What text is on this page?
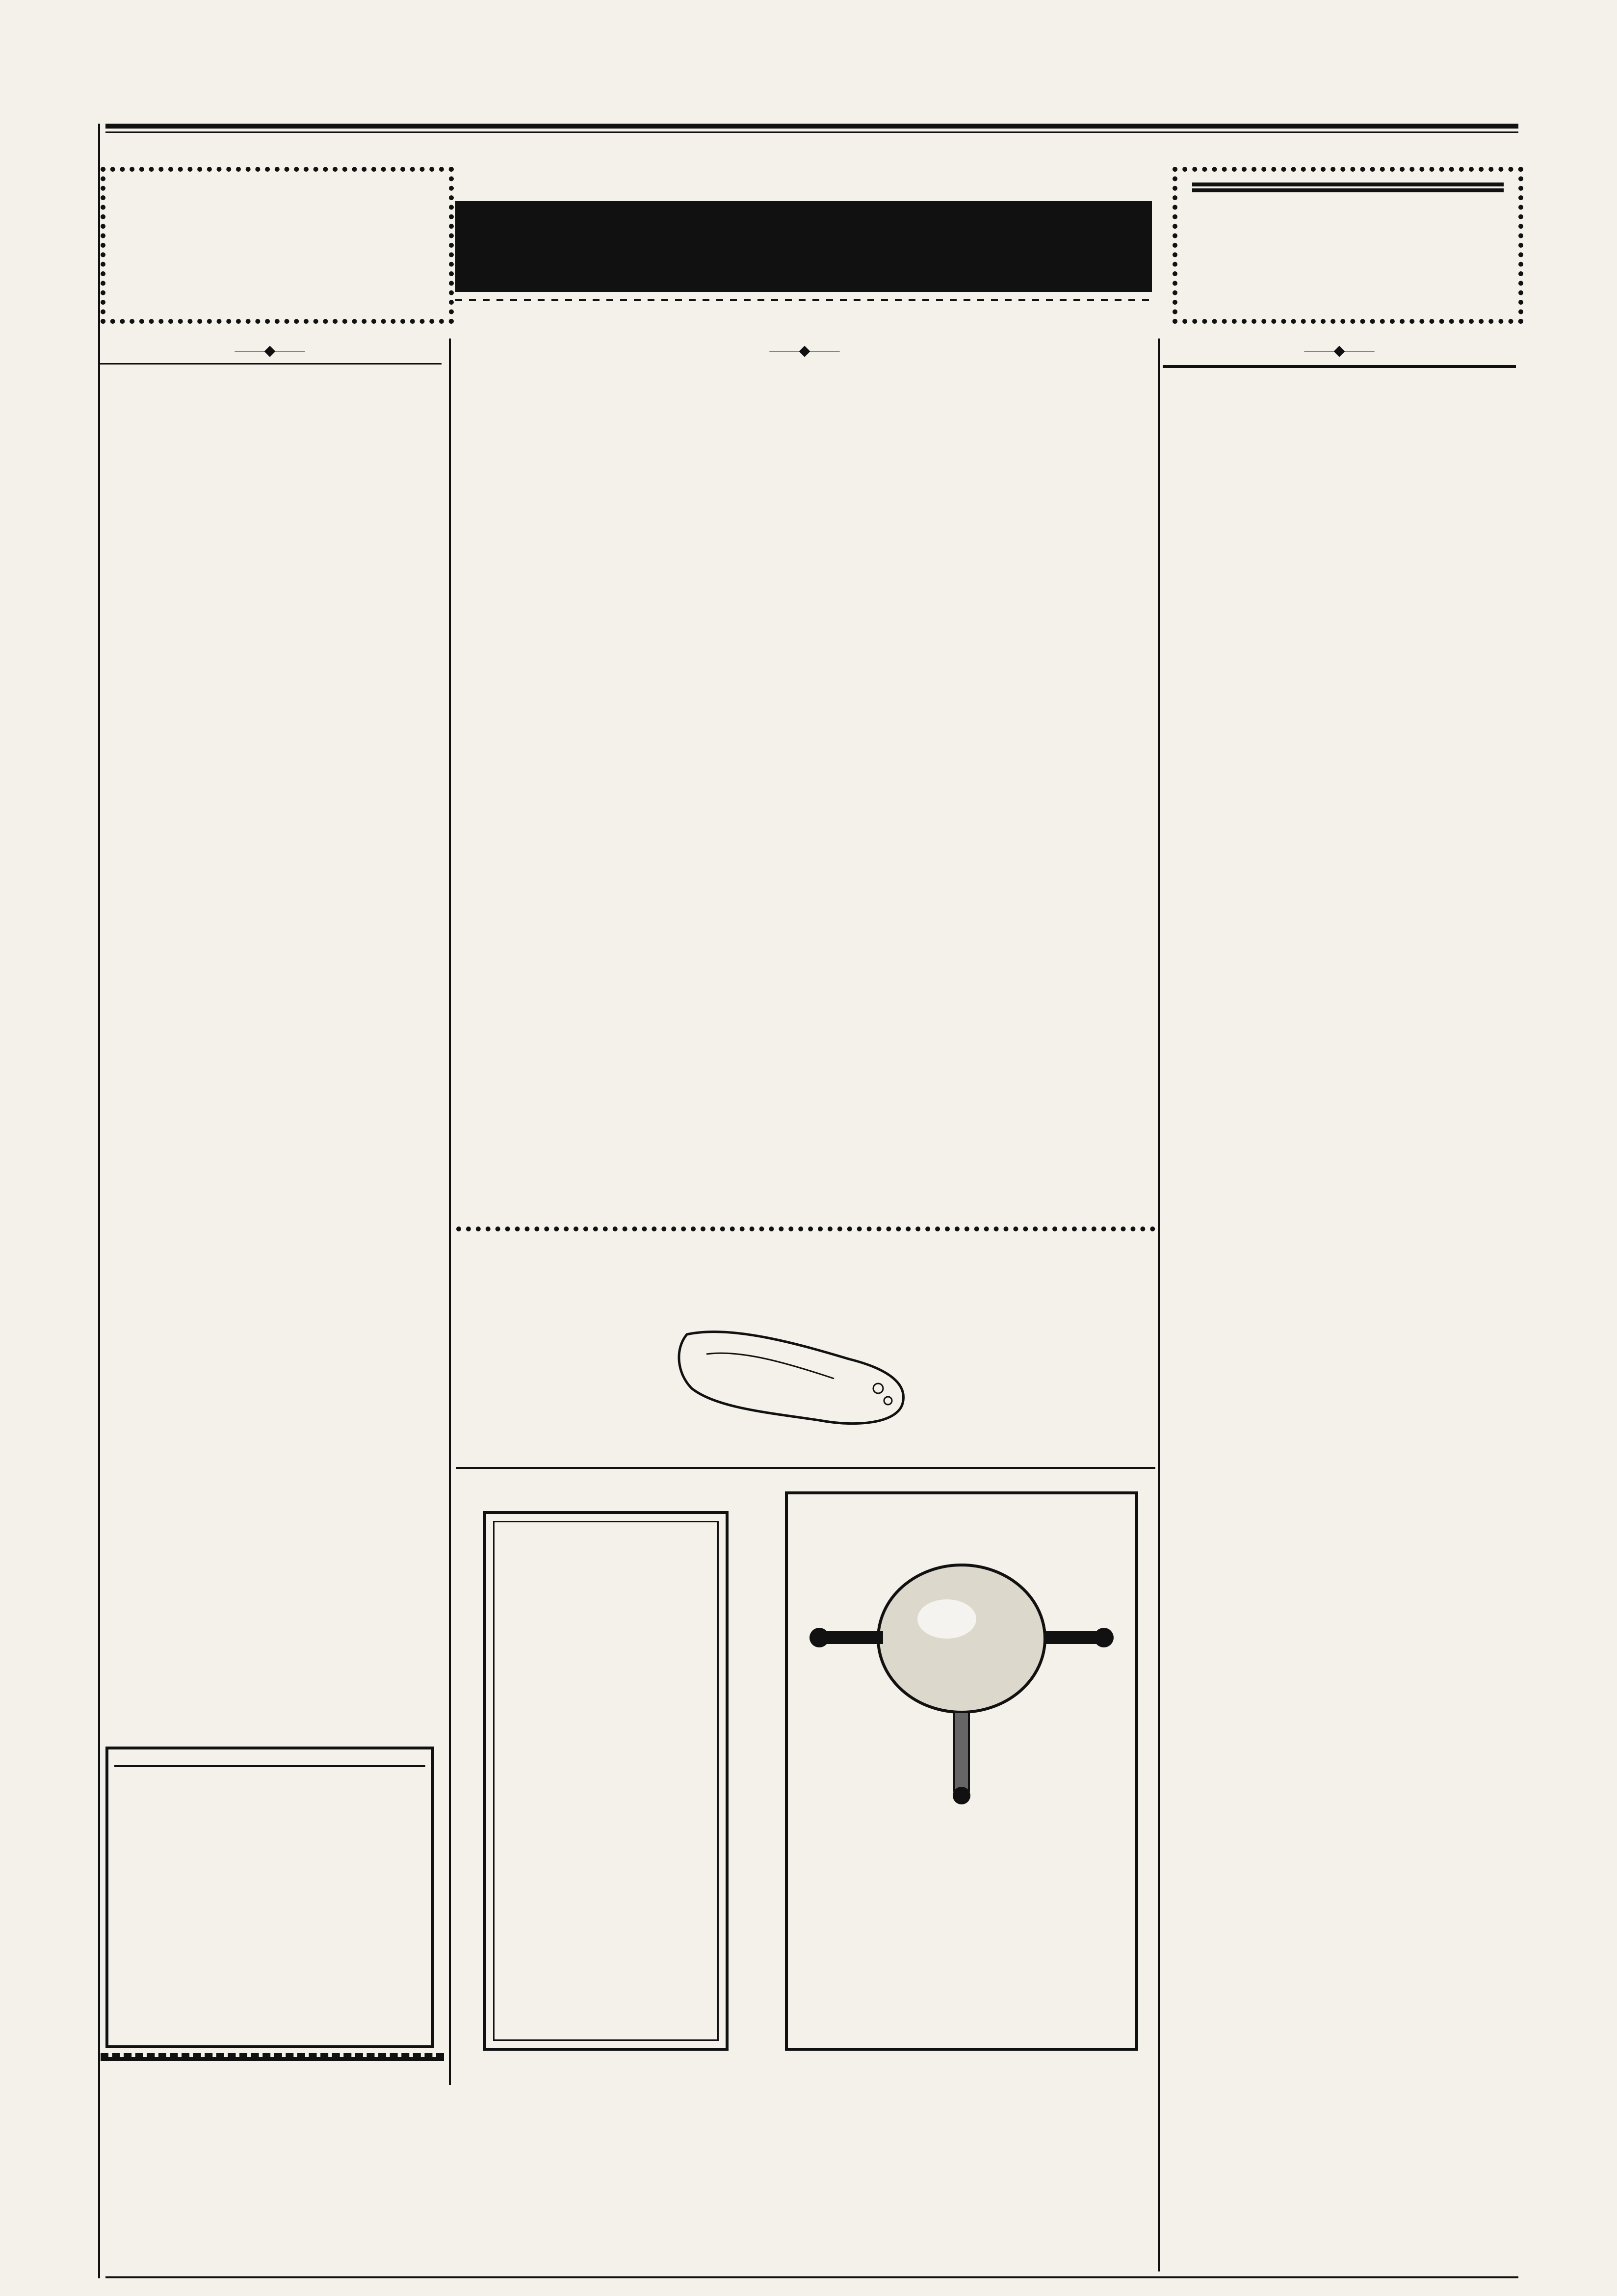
——◆——	——◆——	——◆——
